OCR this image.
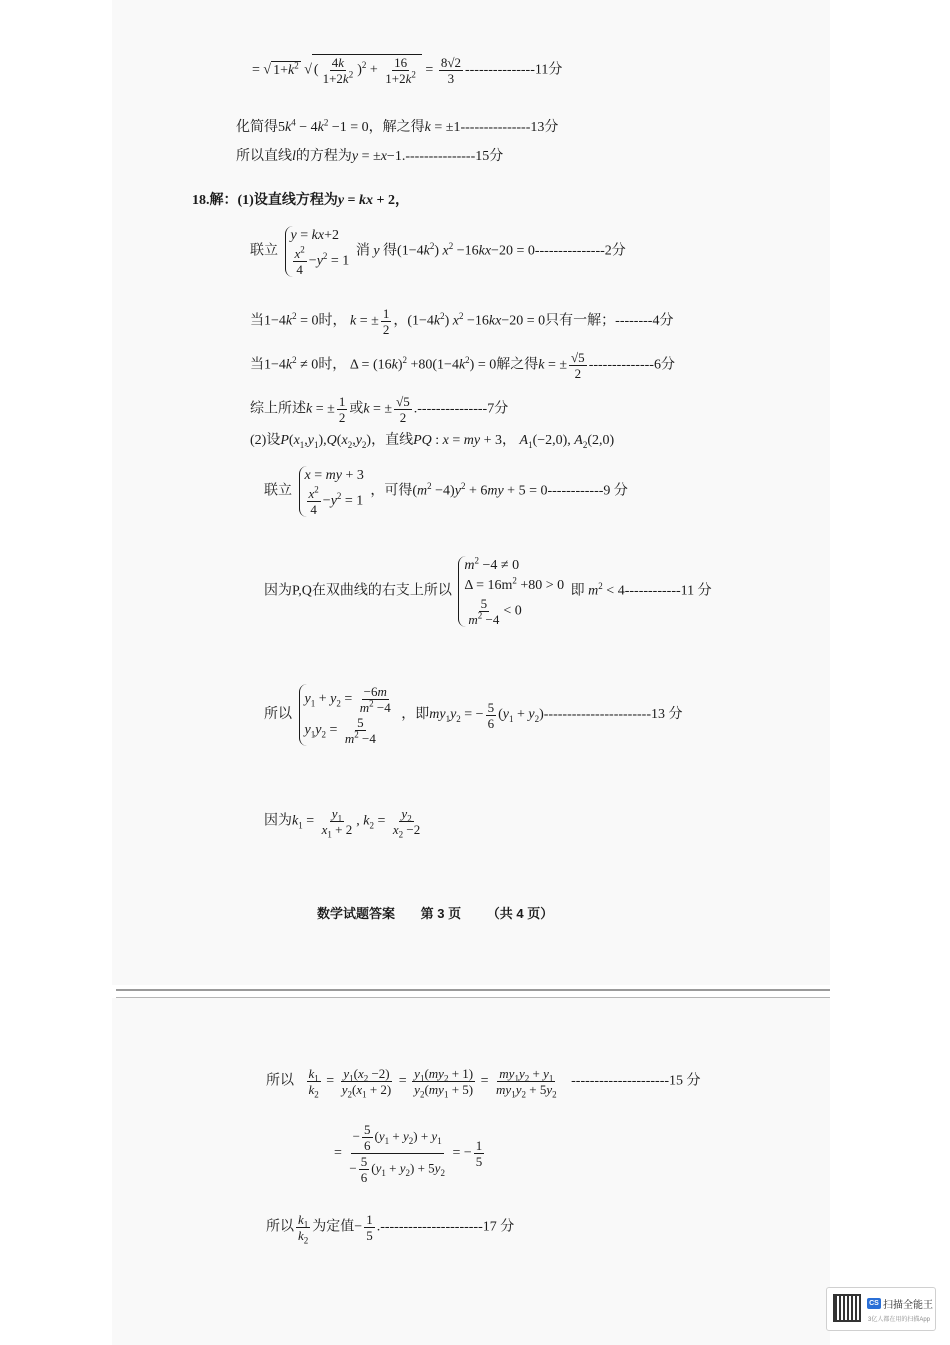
= √ $1+k^2$ √ ( $\frac{4k}{1+2k^2} )^2 + \frac{16}{1+2k^2} = \frac{8√2}{3} ---------------11$分
化简得$5k^4 - 4k^2 -1 = 0$，解之得k = ±1---------------13分
所以直线l的方程为y = ±x−1.---------------15分
18.解：(1)设直线方程为y = kx + 2，
联立
y = kx+2
$\frac{x^2}{4} -y^2 = 1$
消 y 得$(1-4k^2)$ $x^2 -16kx-20 = 0---------------2$分
当$1-4k^2 = 0$时， k = ± $\frac{1}{2}$ ，$(1-4k^2)$ $x^2 -16kx-20 = 0$只有一解；--------4分
当$1-4k^2 \ne 0$时， $\Delta = (16k)^2 +80(1-4k^2) = 0$解之得k = ± $\frac{√5}{2} --------------6$分
综上所述k = ± $\frac{1}{2}$ 或k = ± $\frac{√5}{2} .---------------7$分
(2)设$P(x_1,y_1),Q(x_2,y_2)$，直线PQ : x = my + 3， $A_1(-2,0)$, $A_2(2,0)$
联立
x = my + 3
$\frac{x^2}{4} -y^2 = 1$
，可得$(m^2 -4)y^2 + 6my + 5 = 0------------9$ 分
因为P,Q在双曲线的右支上所以
$m^2 -4 \ne 0$
$\Delta = 16m^2 +80 > 0$
$\frac{5}{m^2 -4} < 0$
即 $m^2 < 4------------11$ 分
所以
$y_1 + y_2 = \frac{-6m}{m^2 -4}$
$y_1y_2 = \frac{5}{m^2 -4}$
，即$my_1y_2$ = − $\frac{5}{6} (y_1 + y_2)-----------------------13$ 分
因为$k_1 = \frac{y_1}{x_1 + 2}$ , $k_2 = \frac{y_2}{x_2 -2}$
数学试题答案 第 3 页 （共 4 页）
所以 $\frac{k_1}{k_2} = \frac{y_1(x_2 -2)}{y_2(x_1 + 2)} = \frac{y_1(my_2 + 1)}{y_2(my_1 + 5)} = \frac{my_1y_2 + y_1}{my_1y_2 + 5y_2} ---------------------15$ 分
= $\frac{- \frac{5}{6} (y_1 + y_2) + y_1}{- \frac{5}{6} (y_1 + y_2) + 5y_2}$ = − $\frac{1}{5}$
所以 $\frac{k_1}{k_2}$ 为定值− $\frac{1}{5} .----------------------17$ 分
CS 扫描全能王
3亿人都在用的扫描App
